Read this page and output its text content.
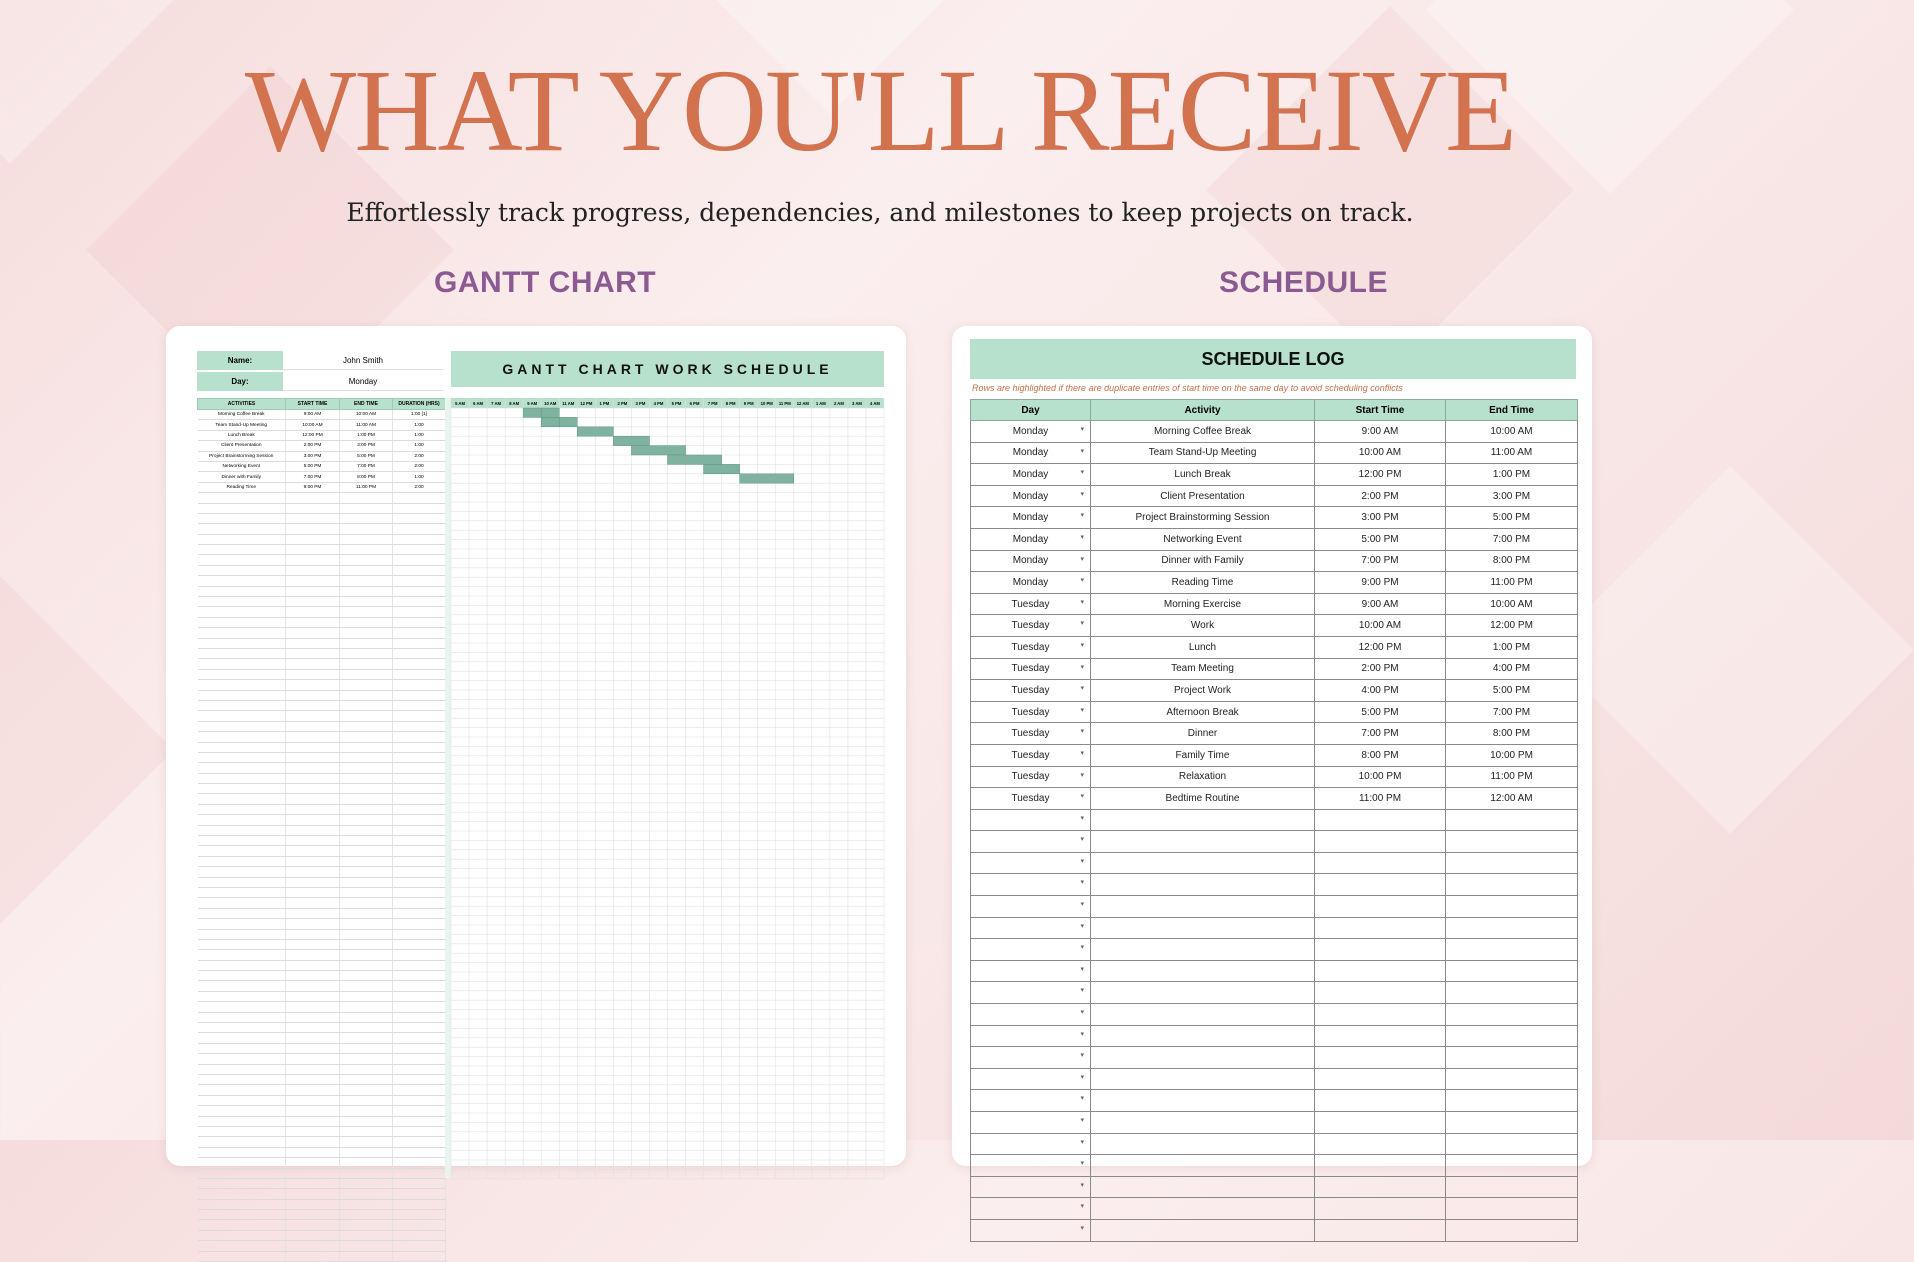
WHAT YOU'LL RECEIVE
Effortlessly track progress, dependencies, and milestones to keep projects on track.
GANTT CHART	SCHEDULE
Name:	John Smith
Day:	Monday
GANTT CHART WORK SCHEDULE
ACTIVITIES	START TIME	END TIME	DURATION (HRS)
Morning Coffee Break	9:00 AM	10:00 AM	1:00 [1]
Team Stand-Up Meeting	10:00 AM	11:00 AM	1:00
Lunch Break	12:00 PM	1:00 PM	1:00
Client Presentation	2:00 PM	3:00 PM	1:00
Project Brainstorming Session	3:00 PM	5:00 PM	2:00
Networking Event	5:00 PM	7:00 PM	2:00
Dinner with Family	7:00 PM	8:00 PM	1:00
Reading Time	9:00 PM	11:00 PM	2:00

5 AM 6 AM 7 AM 8 AM 9 AM 10 AM 11 AM 12 PM 1 PM 2 PM 3 PM 4 PM 5 PM 6 PM 7 PM 8 PM 9 PM 10 PM 11 PM 12 AM 1 AM 2 AM 3 AM 4 AM
SCHEDULE LOG
Rows are highlighted if there are duplicate entries of start time on the same day to avoid scheduling conflicts
Day	Activity	Start Time	End Time
Monday ▾	Morning Coffee Break	9:00 AM	10:00 AM
Monday ▾	Team Stand-Up Meeting	10:00 AM	11:00 AM
Monday ▾	Lunch Break	12:00 PM	1:00 PM
Monday ▾	Client Presentation	2:00 PM	3:00 PM
Monday ▾	Project Brainstorming Session	3:00 PM	5:00 PM
Monday ▾	Networking Event	5:00 PM	7:00 PM
Monday ▾	Dinner with Family	7:00 PM	8:00 PM
Monday ▾	Reading Time	9:00 PM	11:00 PM
Tuesday ▾	Morning Exercise	9:00 AM	10:00 AM
Tuesday ▾	Work	10:00 AM	12:00 PM
Tuesday ▾	Lunch	12:00 PM	1:00 PM
Tuesday ▾	Team Meeting	2:00 PM	4:00 PM
Tuesday ▾	Project Work	4:00 PM	5:00 PM
Tuesday ▾	Afternoon Break	5:00 PM	7:00 PM
Tuesday ▾	Dinner	7:00 PM	8:00 PM
Tuesday ▾	Family Time	8:00 PM	10:00 PM
Tuesday ▾	Relaxation	10:00 PM	11:00 PM
Tuesday ▾	Bedtime Routine	11:00 PM	12:00 AM

▾			

▾			

▾			

▾			

▾			

▾			

▾			

▾			

▾			

▾			

▾			

▾			

▾			

▾			

▾			

▾			

▾			

▾			

▾			

▾			
